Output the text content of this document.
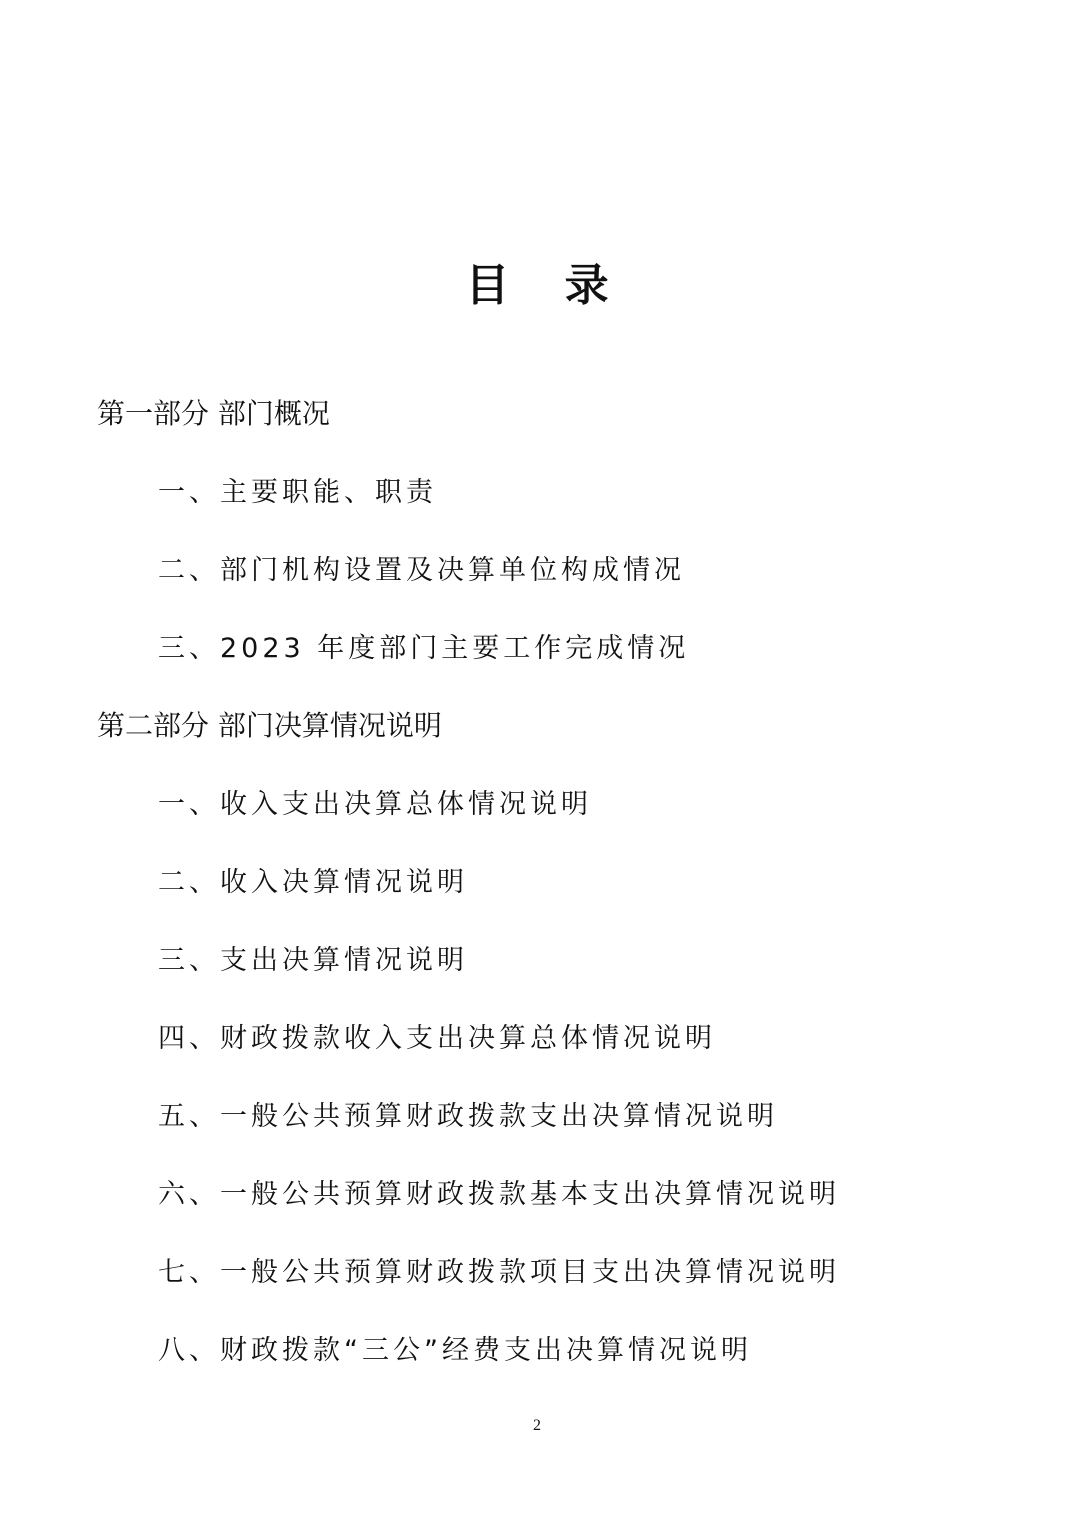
目 录
第一部分 部门概况
一、主要职能、职责
二、部门机构设置及决算单位构成情况
三、2023 年度部门主要工作完成情况
第二部分 部门决算情况说明
一、收入支出决算总体情况说明
二、收入决算情况说明
三、支出决算情况说明
四、财政拨款收入支出决算总体情况说明
五、一般公共预算财政拨款支出决算情况说明
六、一般公共预算财政拨款基本支出决算情况说明
七、一般公共预算财政拨款项目支出决算情况说明
八、财政拨款“三公”经费支出决算情况说明
2
